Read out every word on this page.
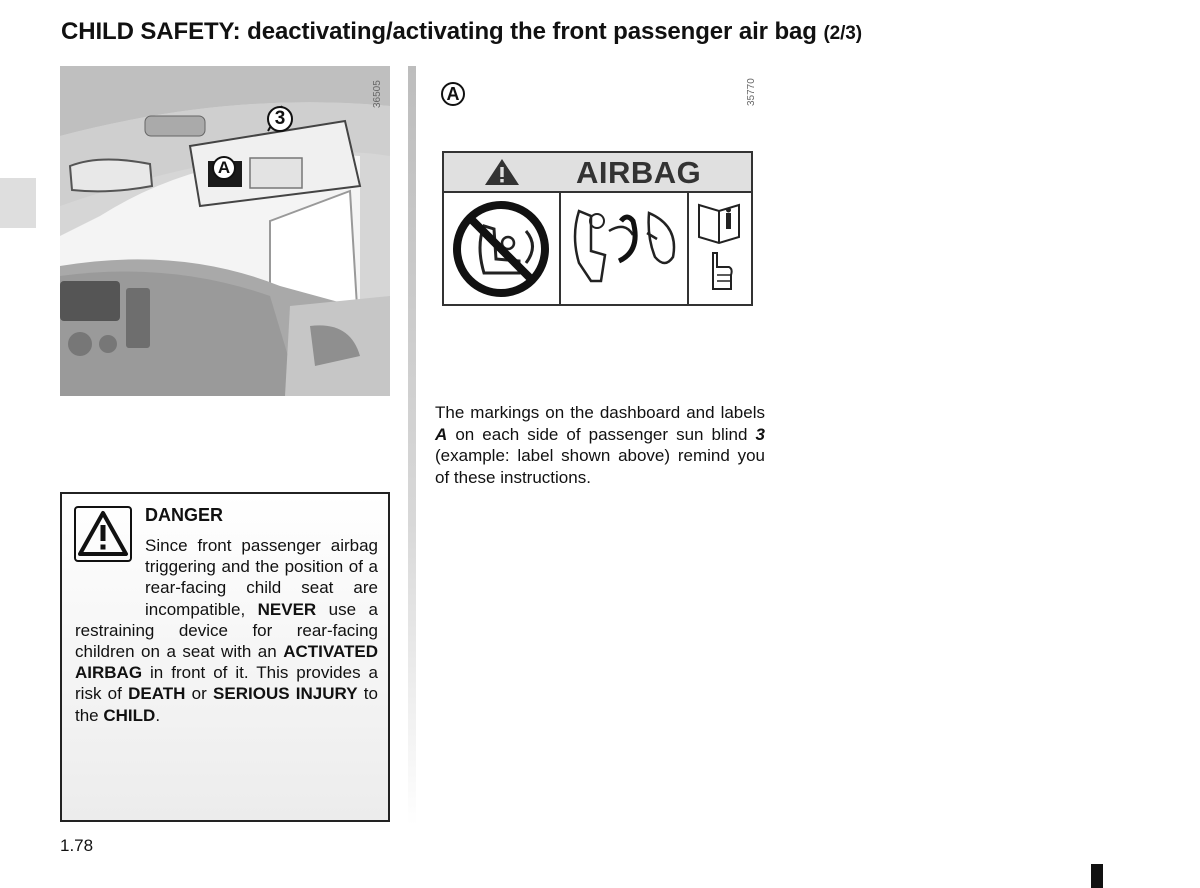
CHILD SAFETY: deactivating/activating the front passenger air bag (2/3)
3
A
36505	A	35770
AIRBAG
The markings on the dashboard and labels A on each side of passenger sun blind 3 (example: label shown above) remind you of these instructions.
DANGER
Since front passenger airbag triggering and the position of a rear-facing child seat are incompatible, NEVER use a restraining device for rear-facing children on a seat with an ACTIVATED AIRBAG in front of it. This provides a risk of DEATH or SERIOUS INJURY to the CHILD.
1.78
